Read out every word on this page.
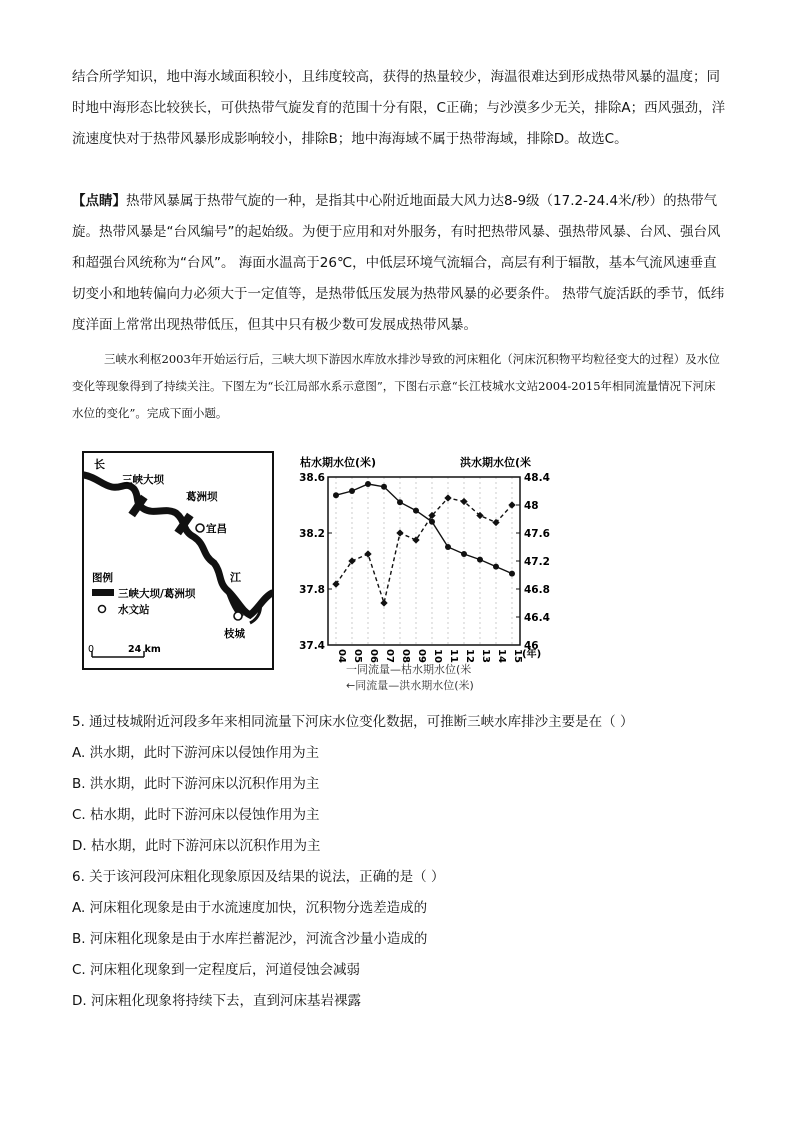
结合所学知识，地中海水域面积较小，且纬度较高，获得的热量较少，海温很难达到形成热带风暴的温度；同时地中海形态比较狭长，可供热带气旋发育的范围十分有限，C正确；与沙漠多少无关，排除A；西风强劲，洋流速度快对于热带风暴形成影响较小，排除B；地中海海域不属于热带海域，排除D。故选C。

【点睛】热带风暴属于热带气旋的一种，是指其中心附近地面最大风力达8-9级（17.2-24.4米/秒）的热带气旋。热带风暴是“台风编号”的起始级。为便于应用和对外服务，有时把热带风暴、强热带风暴、台风、强台风和超强台风统称为“台风”。 海面水温高于26℃，中低层环境气流辐合，高层有利于辐散，基本气流风速垂直切变小和地转偏向力必须大于一定值等，是热带低压发展为热带风暴的必要条件。 热带气旋活跃的季节，低纬度洋面上常常出现热带低压，但其中只有极少数可发展成热带风暴。

三峡水利枢2003年开始运行后，三峡大坝下游因水库放水排沙导致的河床粗化（河床沉积物平均粒径变大的过程）及水位变化等现象得到了持续关注。下图左为“长江局部水系示意图”，下图右示意“长江枝城水文站2004-2015年相同流量情况下河床水位的变化”。完成下面小题。

长
三峡大坝
葛洲坝
宜昌
江
枝城
图例
三峡大坝/葛洲坝
水文站
0	24 km
枯水期水位(米)	洪水期水位(米
38.6
38.2
37.8
37.4
48.4
48
47.6
47.2
46.8
46.4
46
04 05 06 07 08 09 10 11 12 13 14 15 (年)
一同流量—枯水期水位(米
←同流量—洪水期水位(米)

5. 通过枝城附近河段多年来相同流量下河床水位变化数据，可推断三峡水库排沙主要是在（ ）

A. 洪水期，此时下游河床以侵蚀作用为主

B. 洪水期，此时下游河床以沉积作用为主

C. 枯水期，此时下游河床以侵蚀作用为主

D. 枯水期，此时下游河床以沉积作用为主

6. 关于该河段河床粗化现象原因及结果的说法，正确的是（ ）

A. 河床粗化现象是由于水流速度加快，沉积物分选差造成的

B. 河床粗化现象是由于水库拦蓄泥沙，河流含沙量小造成的

C. 河床粗化现象到一定程度后，河道侵蚀会减弱

D. 河床粗化现象将持续下去，直到河床基岩裸露
